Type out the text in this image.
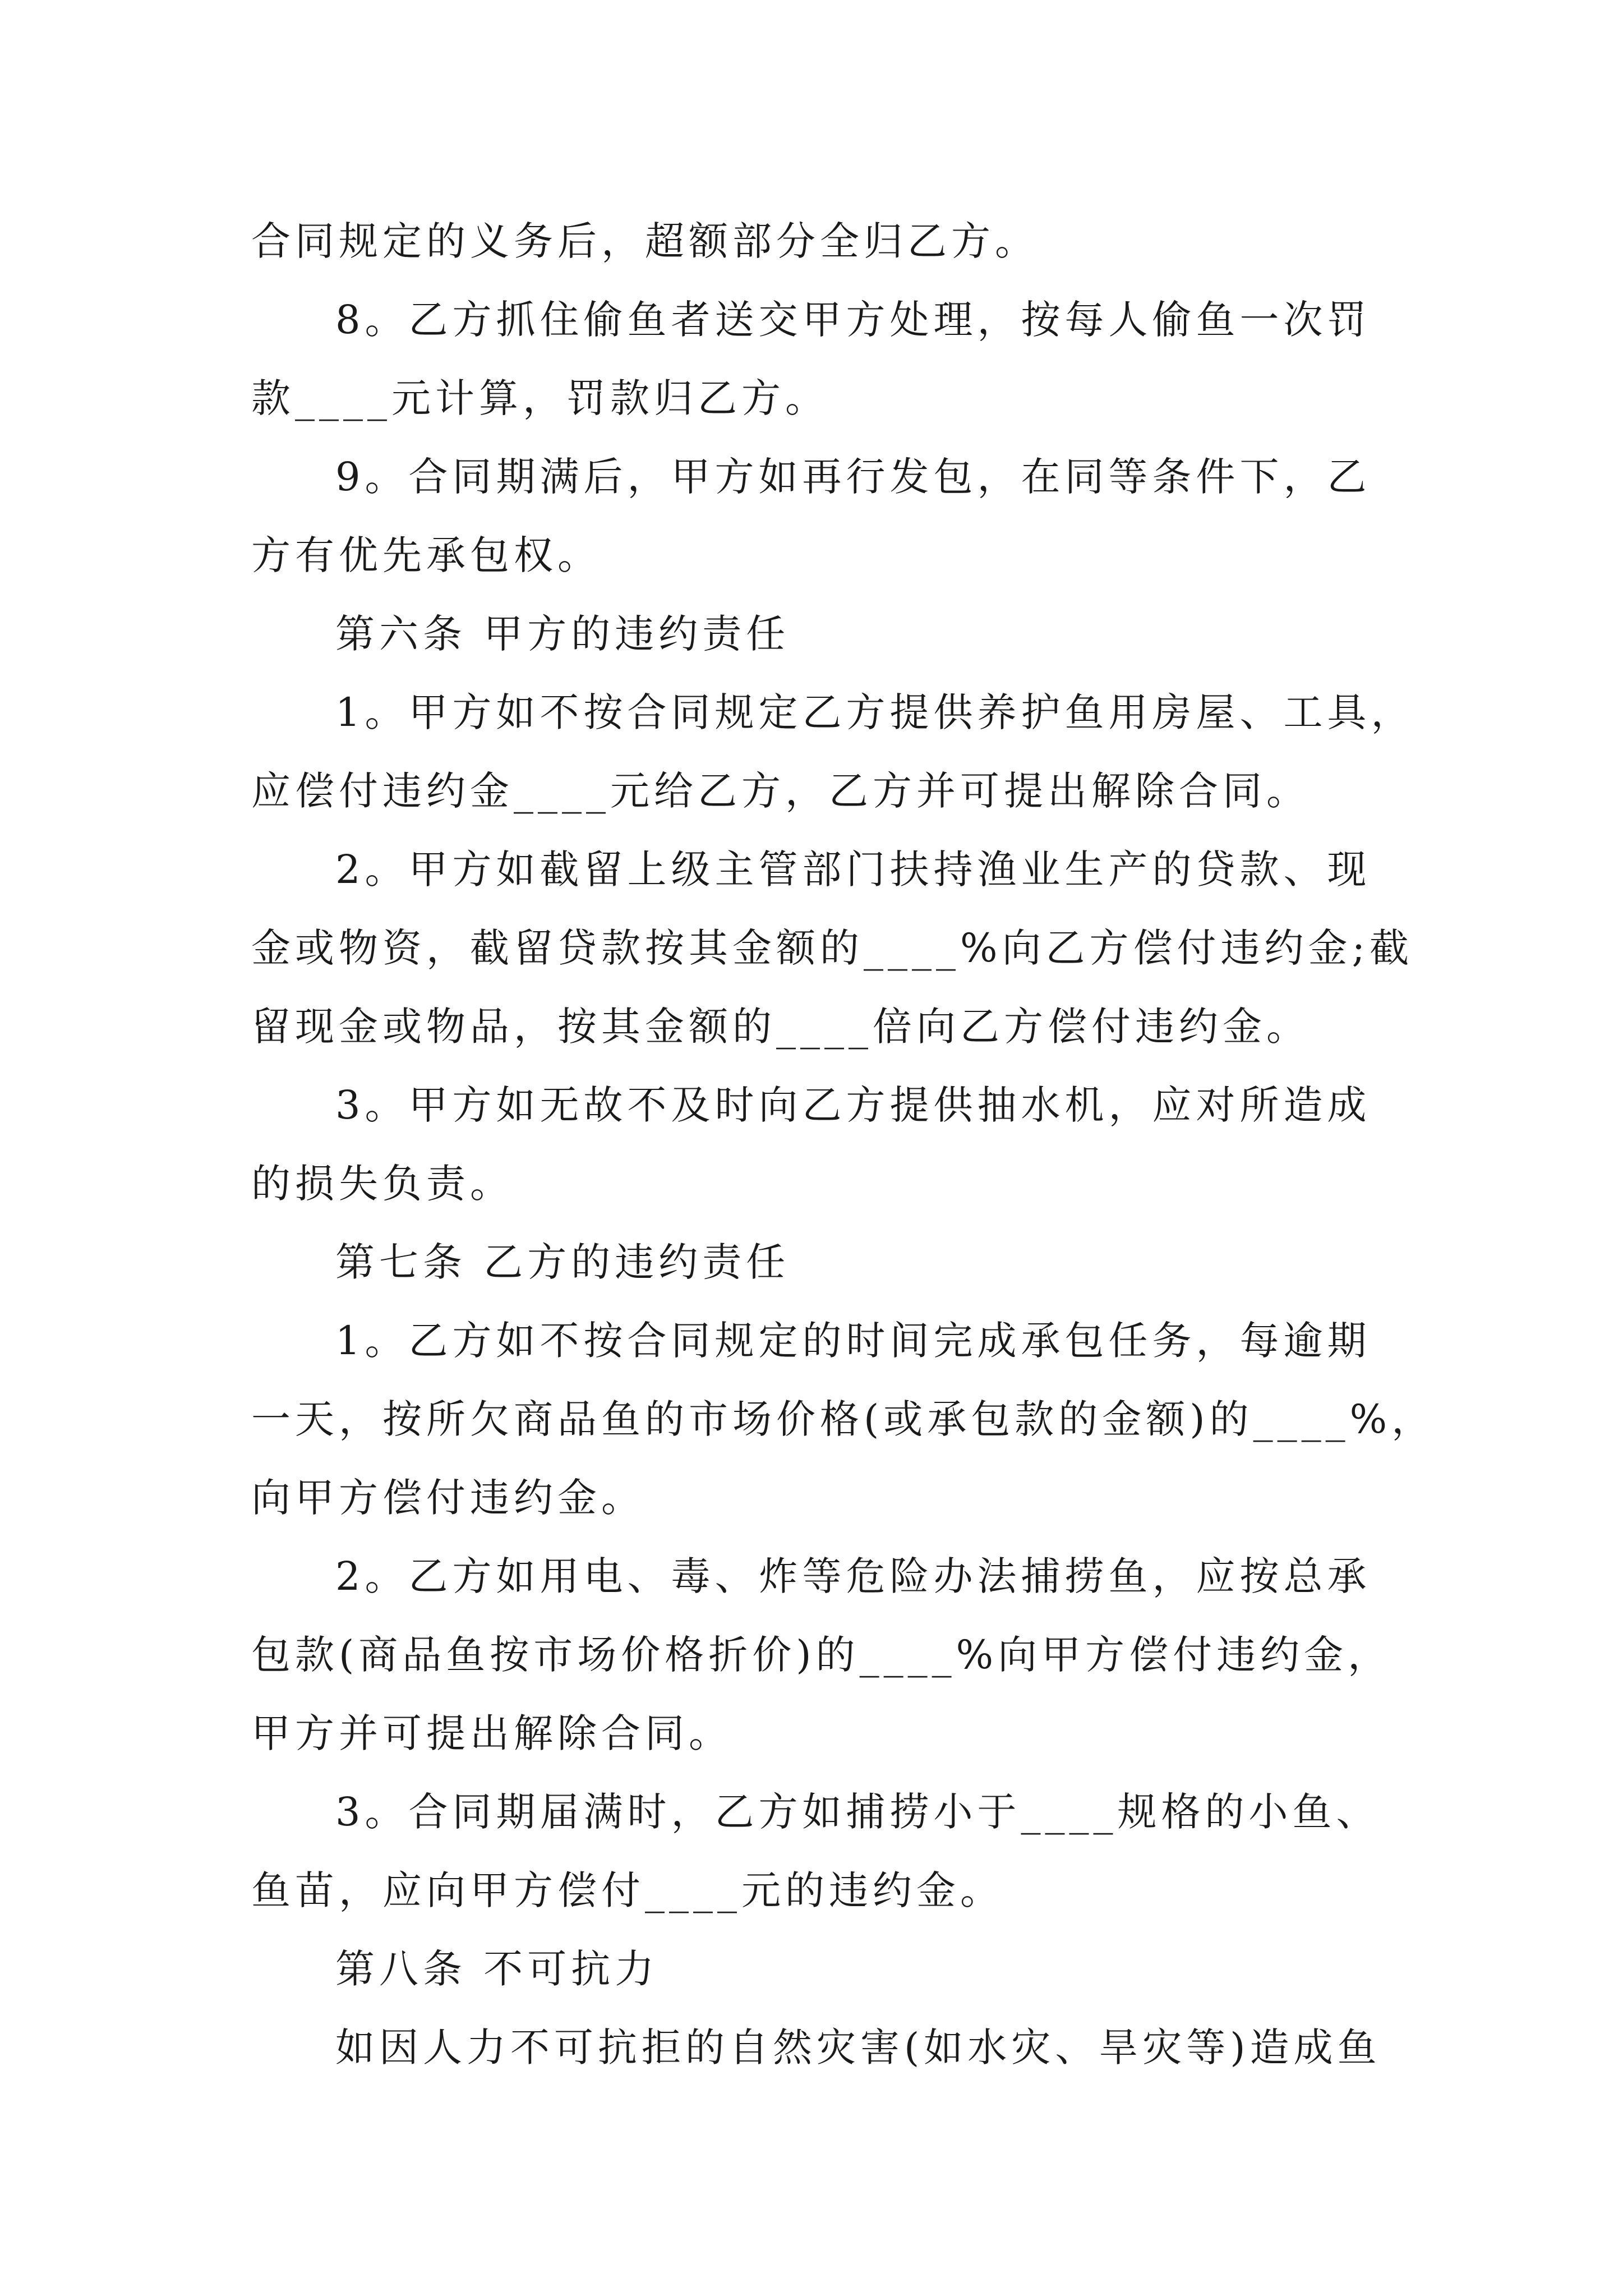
合同规定的义务后，超额部分全归乙方。
8。乙方抓住偷鱼者送交甲方处理，按每人偷鱼一次罚
款____元计算，罚款归乙方。
9。合同期满后，甲方如再行发包，在同等条件下，乙
方有优先承包权。
第六条 甲方的违约责任
1。甲方如不按合同规定乙方提供养护鱼用房屋、工具，
应偿付违约金____元给乙方，乙方并可提出解除合同。
2。甲方如截留上级主管部门扶持渔业生产的贷款、现
金或物资，截留贷款按其金额的____%向乙方偿付违约金;截
留现金或物品，按其金额的____倍向乙方偿付违约金。
3。甲方如无故不及时向乙方提供抽水机，应对所造成
的损失负责。
第七条 乙方的违约责任
1。乙方如不按合同规定的时间完成承包任务，每逾期
一天，按所欠商品鱼的市场价格(或承包款的金额)的____%，
向甲方偿付违约金。
2。乙方如用电、毒、炸等危险办法捕捞鱼，应按总承
包款(商品鱼按市场价格折价)的____%向甲方偿付违约金，
甲方并可提出解除合同。
3。合同期届满时，乙方如捕捞小于____规格的小鱼、
鱼苗，应向甲方偿付____元的违约金。
第八条 不可抗力
如因人力不可抗拒的自然灾害(如水灾、旱灾等)造成鱼
